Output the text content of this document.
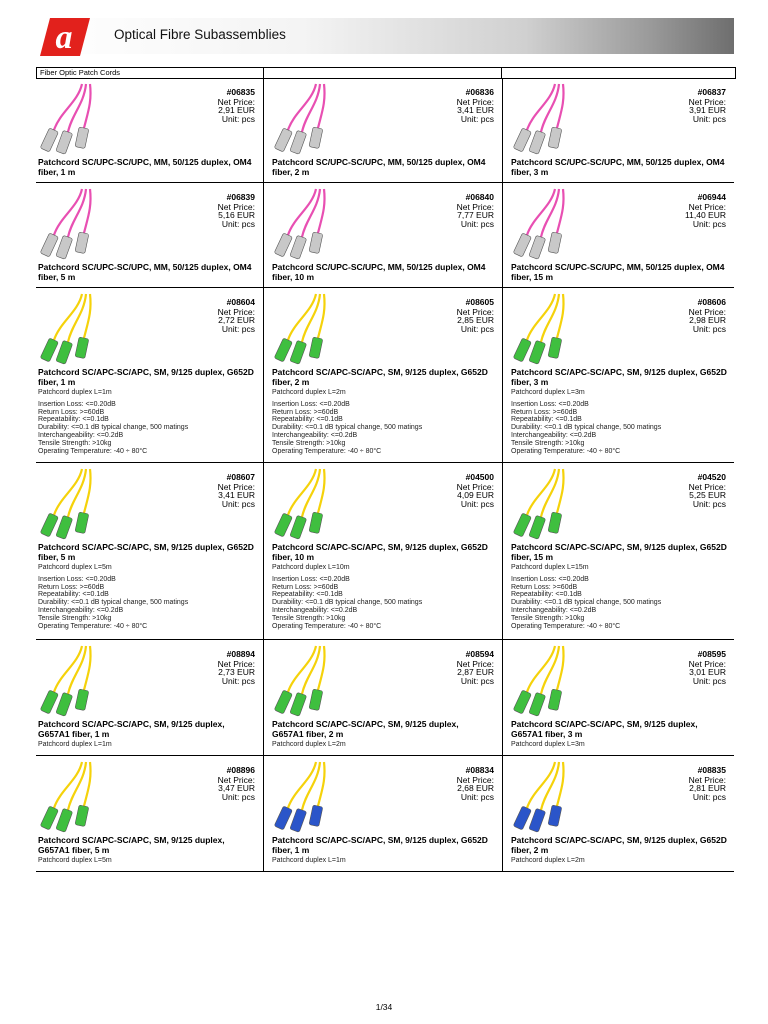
a	Optical Fibre Subassemblies
Fiber Optic Patch Cords
#06835
Net Price:
2,91 EUR
Unit: pcs
Patchcord SC/UPC-SC/UPC, MM, 50/125 duplex, OM4 fiber, 1 m
#06836
Net Price:
3,41 EUR
Unit: pcs
Patchcord SC/UPC-SC/UPC, MM, 50/125 duplex, OM4 fiber, 2 m
#06837
Net Price:
3,91 EUR
Unit: pcs
Patchcord SC/UPC-SC/UPC, MM, 50/125 duplex, OM4 fiber, 3 m
#06839
Net Price:
5,16 EUR
Unit: pcs
Patchcord SC/UPC-SC/UPC, MM, 50/125 duplex, OM4 fiber, 5 m
#06840
Net Price:
7,77 EUR
Unit: pcs
Patchcord SC/UPC-SC/UPC, MM, 50/125 duplex, OM4 fiber, 10 m
#06944
Net Price:
11,40 EUR
Unit: pcs
Patchcord SC/UPC-SC/UPC, MM, 50/125 duplex, OM4 fiber, 15 m
#08604
Net Price:
2,72 EUR
Unit: pcs
Patchcord SC/APC-SC/APC, SM, 9/125 duplex, G652D fiber, 1 m
Patchcord duplex L=1m
Insertion Loss: <=0.20dB
Return Loss: >=60dB
Repeatability: <=0.1dB
Durability: <=0.1 dB typical change, 500 matings
Interchangeability: <=0.2dB
Tensile Strength: >10kg
Operating Temperature: -40 ÷ 80°C
#08605
Net Price:
2,85 EUR
Unit: pcs
Patchcord SC/APC-SC/APC, SM, 9/125 duplex, G652D fiber, 2 m
Patchcord duplex L=2m
Insertion Loss: <=0.20dB
Return Loss: >=60dB
Repeatability: <=0.1dB
Durability: <=0.1 dB typical change, 500 matings
Interchangeability: <=0.2dB
Tensile Strength: >10kg
Operating Temperature: -40 ÷ 80°C
#08606
Net Price:
2,98 EUR
Unit: pcs
Patchcord SC/APC-SC/APC, SM, 9/125 duplex, G652D fiber, 3 m
Patchcord duplex L=3m
Insertion Loss: <=0.20dB
Return Loss: >=60dB
Repeatability: <=0.1dB
Durability: <=0.1 dB typical change, 500 matings
Interchangeability: <=0.2dB
Tensile Strength: >10kg
Operating Temperature: -40 ÷ 80°C
#08607
Net Price:
3,41 EUR
Unit: pcs
Patchcord SC/APC-SC/APC, SM, 9/125 duplex, G652D fiber, 5 m
Patchcord duplex L=5m
Insertion Loss: <=0.20dB
Return Loss: >=60dB
Repeatability: <=0.1dB
Durability: <=0.1 dB typical change, 500 matings
Interchangeability: <=0.2dB
Tensile Strength: >10kg
Operating Temperature: -40 ÷ 80°C
#04500
Net Price:
4,09 EUR
Unit: pcs
Patchcord SC/APC-SC/APC, SM, 9/125 duplex, G652D fiber, 10 m
Patchcord duplex L=10m
Insertion Loss: <=0.20dB
Return Loss: >=60dB
Repeatability: <=0.1dB
Durability: <=0.1 dB typical change, 500 matings
Interchangeability: <=0.2dB
Tensile Strength: >10kg
Operating Temperature: -40 ÷ 80°C
#04520
Net Price:
5,25 EUR
Unit: pcs
Patchcord SC/APC-SC/APC, SM, 9/125 duplex, G652D fiber, 15 m
Patchcord duplex L=15m
Insertion Loss: <=0.20dB
Return Loss: >=60dB
Repeatability: <=0.1dB
Durability: <=0.1 dB typical change, 500 matings
Interchangeability: <=0.2dB
Tensile Strength: >10kg
Operating Temperature: -40 ÷ 80°C
#08894
Net Price:
2,73 EUR
Unit: pcs
Patchcord SC/APC-SC/APC, SM, 9/125 duplex, G657A1 fiber, 1 m
Patchcord duplex L=1m
#08594
Net Price:
2,87 EUR
Unit: pcs
Patchcord SC/APC-SC/APC, SM, 9/125 duplex, G657A1 fiber, 2 m
Patchcord duplex L=2m
#08595
Net Price:
3,01 EUR
Unit: pcs
Patchcord SC/APC-SC/APC, SM, 9/125 duplex, G657A1 fiber, 3 m
Patchcord duplex L=3m
#08896
Net Price:
3,47 EUR
Unit: pcs
Patchcord SC/APC-SC/APC, SM, 9/125 duplex, G657A1 fiber, 5 m
Patchcord duplex L=5m
#08834
Net Price:
2,68 EUR
Unit: pcs
Patchcord SC/APC-SC/APC, SM, 9/125 duplex, G652D fiber, 1 m
Patchcord duplex L=1m
#08835
Net Price:
2,81 EUR
Unit: pcs
Patchcord SC/APC-SC/APC, SM, 9/125 duplex, G652D fiber, 2 m
Patchcord duplex L=2m
1/34
